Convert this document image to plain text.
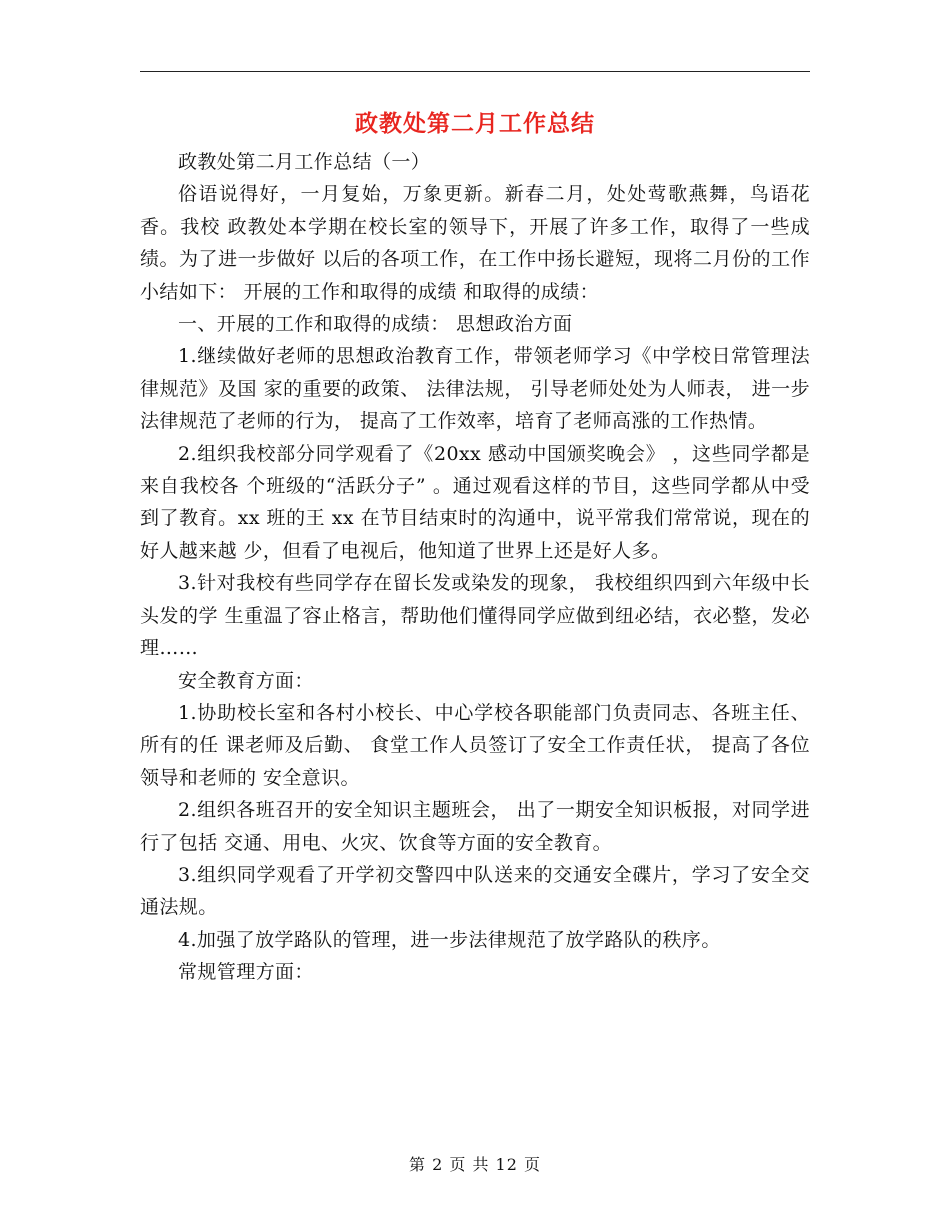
政教处第二月工作总结

政教处第二月工作总结（一）

俗语说得好，一月复始，万象更新。新春二月，处处莺歌燕舞，鸟语花香。我校 政教处本学期在校长室的领导下，开展了许多工作，取得了一些成绩。为了进一步做好 以后的各项工作，在工作中扬长避短，现将二月份的工作小结如下： 开展的工作和取得的成绩 和取得的成绩：

一、开展的工作和取得的成绩： 思想政治方面

1.继续做好老师的思想政治教育工作，带领老师学习《中学校日常管理法律规范》及国 家的重要的政策、 法律法规， 引导老师处处为人师表， 进一步法律规范了老师的行为， 提高了工作效率，培育了老师高涨的工作热情。

2.组织我校部分同学观看了《20xx 感动中国颁奖晚会》 ，这些同学都是来自我校各 个班级的“活跃分子” 。通过观看这样的节目，这些同学都从中受到了教育。xx 班的王 xx 在节目结束时的沟通中，说平常我们常常说，现在的好人越来越 少，但看了电视后，他知道了世界上还是好人多。

3.针对我校有些同学存在留长发或染发的现象， 我校组织四到六年级中长头发的学 生重温了容止格言，帮助他们懂得同学应做到纽必结，衣必整，发必理……

安全教育方面：

1.协助校长室和各村小校长、中心学校各职能部门负责同志、各班主任、所有的任 课老师及后勤、 食堂工作人员签订了安全工作责任状， 提高了各位领导和老师的 安全意识。

2.组织各班召开的安全知识主题班会， 出了一期安全知识板报，对同学进行了包括 交通、用电、火灾、饮食等方面的安全教育。

3.组织同学观看了开学初交警四中队送来的交通安全碟片，学习了安全交通法规。

4.加强了放学路队的管理，进一步法律规范了放学路队的秩序。

常规管理方面：

第 2 页 共 12 页
